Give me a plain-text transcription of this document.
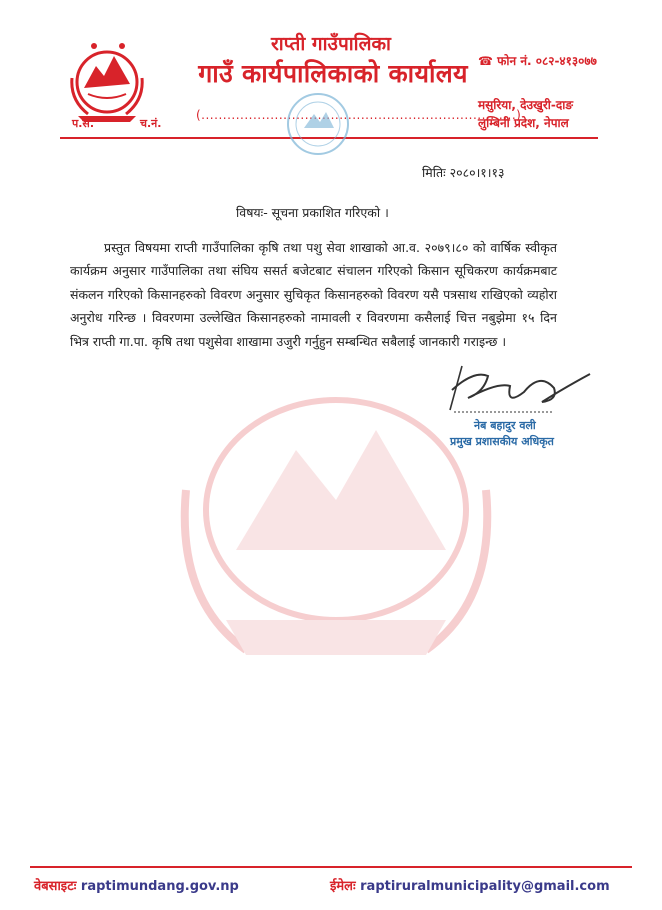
राप्ती गाउँपालिका
गाउँ कार्यपालिकाको कार्यालय ☎ फोन नं. ०८२-४१३०७७
मसुरिया, देउखुरी-दाङ
लुम्बिनी प्रदेश, नेपाल
प.सं.	च.नं.
(.........................................................................)
मितिः २०८०।१।१३
विषयः- सूचना प्रकाशित गरिएको ।
प्रस्तुत विषयमा राप्ती गाउँपालिका कृषि तथा पशु सेवा शाखाको आ.व. २०७९।८० को वार्षिक स्वीकृत कार्यक्रम अनुसार गाउँपालिका तथा संघिय ससर्त बजेटबाट संचालन गरिएको किसान सूचिकरण कार्यक्रमबाट संकलन गरिएको किसानहरुको विवरण अनुसार सुचिकृत किसानहरुको विवरण यसै पत्रसाथ राखिएको व्यहोरा अनुरोध गरिन्छ । विवरणमा उल्लेखित किसानहरुको नामावली र विवरणमा कसैलाई चित्त नबुझेमा १५ दिन भित्र राप्ती गा.पा. कृषि तथा पशुसेवा शाखामा उजुरी गर्नुहुन सम्बन्धित सबैलाई जानकारी गराइन्छ ।
नेब बहादुर वली
प्रमुख प्रशासकीय अधिकृत
वेबसाइटः raptimundang.gov.np	ईमेलः raptiruralmunicipality@gmail.com
